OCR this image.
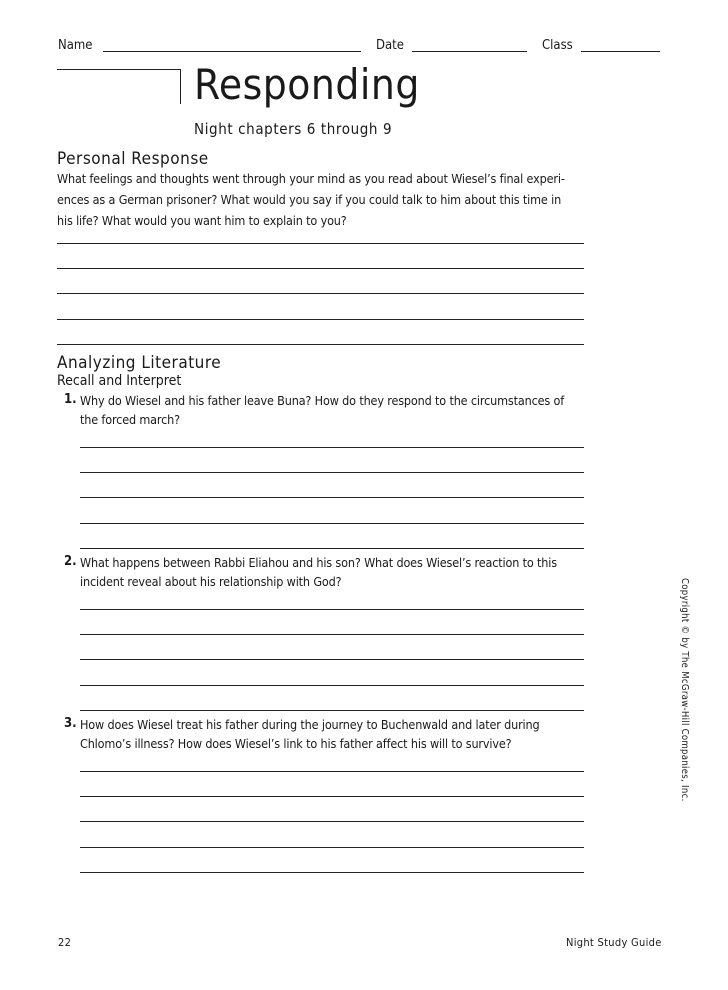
Name	Date	Class
Responding
Night chapters 6 through 9
Personal Response
What feelings and thoughts went through your mind as you read about Wiesel’s final experi-
ences as a German prisoner? What would you say if you could talk to him about this time in
his life? What would you want him to explain to you?
Analyzing Literature
Recall and Interpret
1. Why do Wiesel and his father leave Buna? How do they respond to the circumstances of
the forced march?
2. What happens between Rabbi Eliahou and his son? What does Wiesel’s reaction to this
incident reveal about his relationship with God?
3. How does Wiesel treat his father during the journey to Buchenwald and later during
Chlomo’s illness? How does Wiesel’s link to his father affect his will to survive?	Copyright © by The McGraw-Hill Companies, Inc.
22	Night Study Guide
